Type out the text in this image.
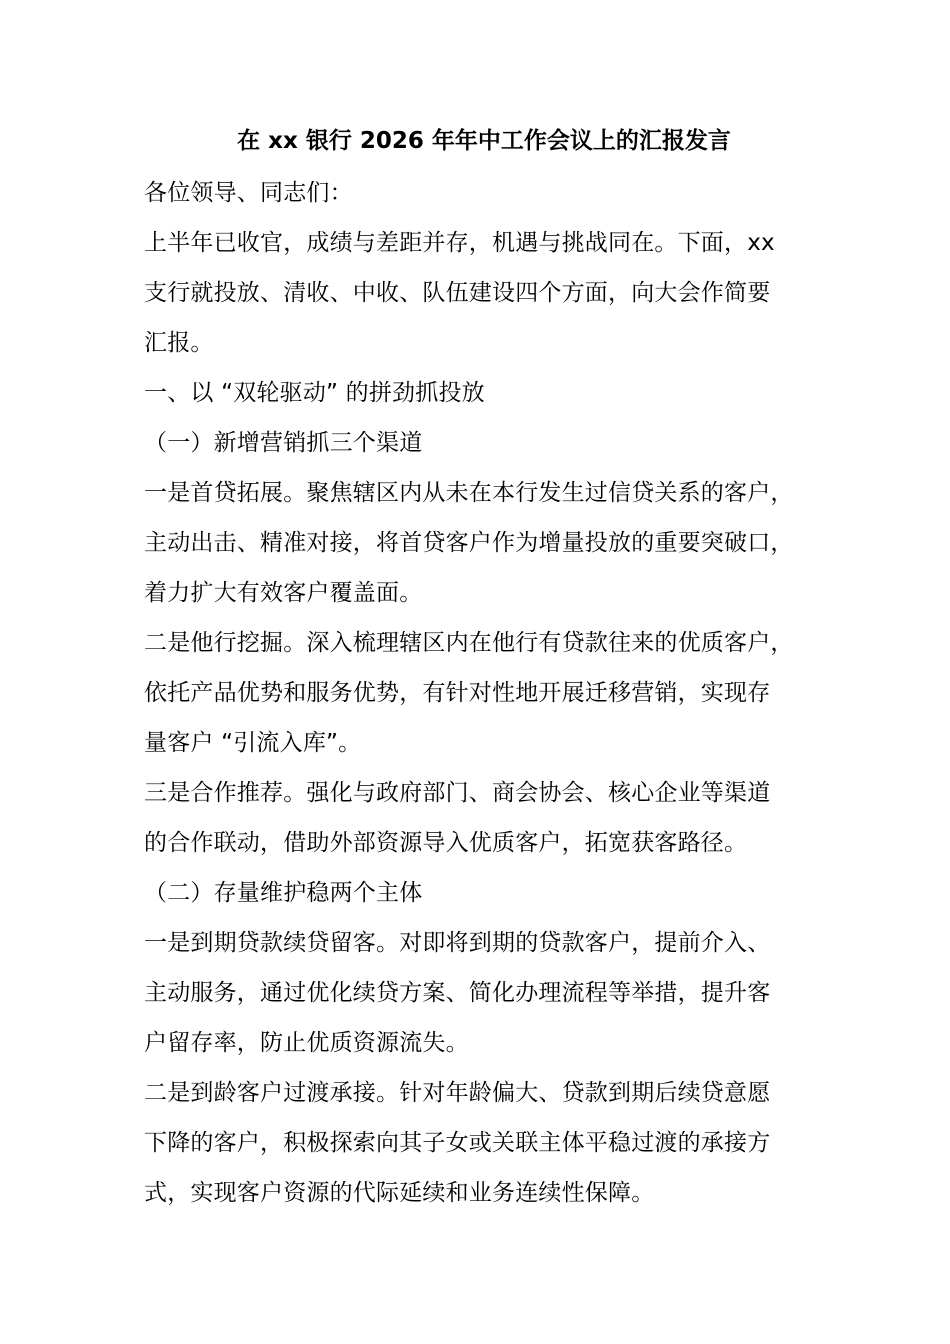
在 xx 银行 2026 年年中工作会议上的汇报发言
各位领导、同志们：
上半年已收官，成绩与差距并存，机遇与挑战同在。下面，xx
支行就投放、清收、中收、队伍建设四个方面，向大会作简要
汇报。
一、以 “双轮驱动” 的拼劲抓投放
（一）新增营销抓三个渠道
一是首贷拓展。聚焦辖区内从未在本行发生过信贷关系的客户，
主动出击、精准对接，将首贷客户作为增量投放的重要突破口，
着力扩大有效客户覆盖面。
二是他行挖掘。深入梳理辖区内在他行有贷款往来的优质客户，
依托产品优势和服务优势，有针对性地开展迁移营销，实现存
量客户 “引流入库”。
三是合作推荐。强化与政府部门、商会协会、核心企业等渠道
的合作联动，借助外部资源导入优质客户，拓宽获客路径。
（二）存量维护稳两个主体
一是到期贷款续贷留客。对即将到期的贷款客户，提前介入、
主动服务，通过优化续贷方案、简化办理流程等举措，提升客
户留存率，防止优质资源流失。
二是到龄客户过渡承接。针对年龄偏大、贷款到期后续贷意愿
下降的客户，积极探索向其子女或关联主体平稳过渡的承接方
式，实现客户资源的代际延续和业务连续性保障。
